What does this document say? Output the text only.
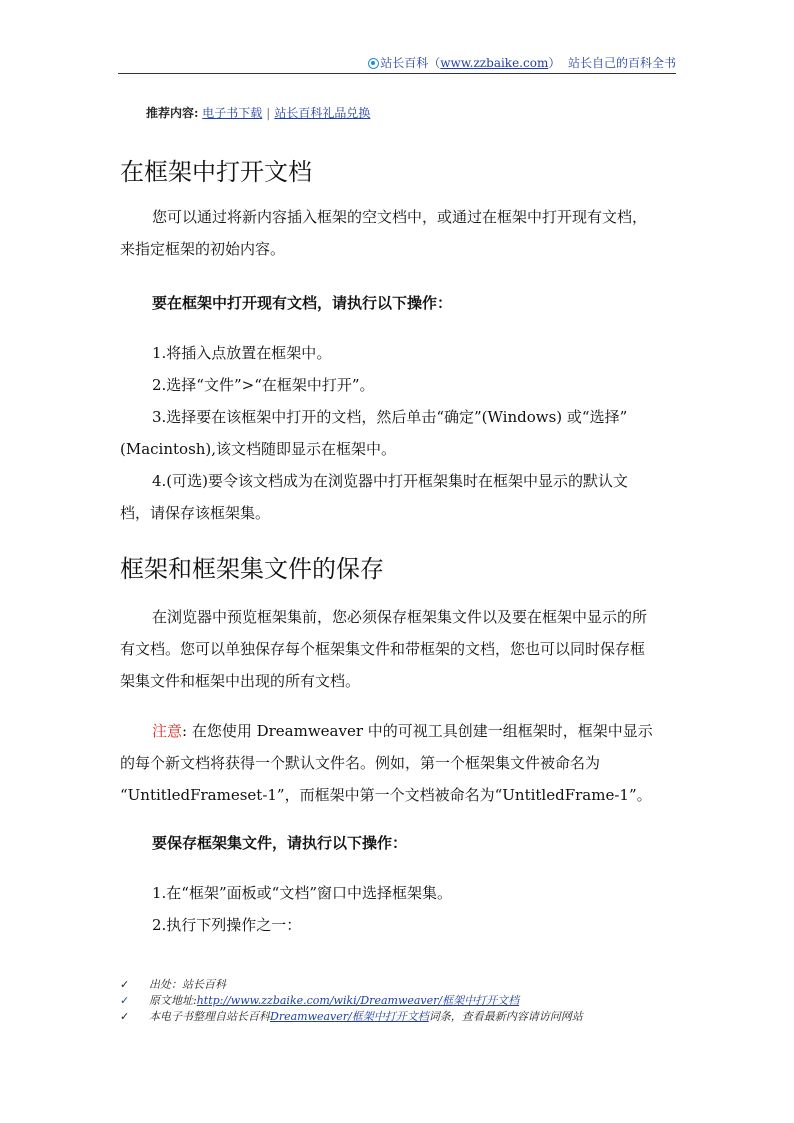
站长百科（www.zzbaike.com） 站长自己的百科全书
推荐内容: 电子书下载 | 站长百科礼品兑换
在框架中打开文档
您可以通过将新内容插入框架的空文档中，或通过在框架中打开现有文档，
来指定框架的初始内容。
要在框架中打开现有文档，请执行以下操作：
1.将插入点放置在框架中。
2.选择“文件”>“在框架中打开”。
3.选择要在该框架中打开的文档，然后单击“确定”(Windows) 或“选择”
(Macintosh),该文档随即显示在框架中。
4.(可选)要令该文档成为在浏览器中打开框架集时在框架中显示的默认文
档，请保存该框架集。
框架和框架集文件的保存
在浏览器中预览框架集前，您必须保存框架集文件以及要在框架中显示的所
有文档。您可以单独保存每个框架集文件和带框架的文档，您也可以同时保存框
架集文件和框架中出现的所有文档。
注意: 在您使用 Dreamweaver 中的可视工具创建一组框架时，框架中显示
的每个新文档将获得一个默认文件名。例如，第一个框架集文件被命名为
“UntitledFrameset-1”，而框架中第一个文档被命名为“UntitledFrame-1”。
要保存框架集文件，请执行以下操作：
1.在“框架”面板或“文档”窗口中选择框架集。
2.执行下列操作之一：
✓ 出处：站长百科
✓ 原文地址:http://www.zzbaike.com/wiki/Dreamweaver/框架中打开文档
✓ 本电子书整理自站长百科Dreamweaver/框架中打开文档词条，查看最新内容请访问网站
